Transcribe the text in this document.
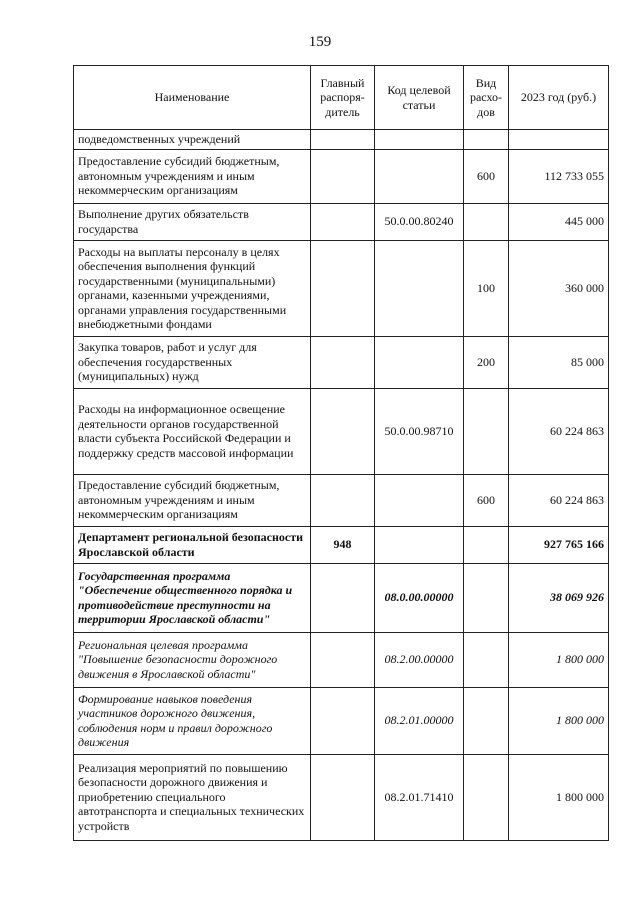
159
Наименование	Главный распоря-дитель	Код целевой статьи	Вид расхо-дов	2023 год (руб.)
подведомственных учреждений				
Предоставление субсидий бюджетным, автономным учреждениям и иным некоммерческим организациям			600	112 733 055
Выполнение других обязательств государства		50.0.00.80240		445 000
Расходы на выплаты персоналу в целях обеспечения выполнения функций государственными (муниципальными) органами, казенными учреждениями, органами управления государственными внебюджетными фондами			100	360 000
Закупка товаров, работ и услуг для обеспечения государственных (муниципальных) нужд			200	85 000
Расходы на информационное освещение деятельности органов государственной власти субъекта Российской Федерации и поддержку средств массовой информации		50.0.00.98710		60 224 863
Предоставление субсидий бюджетным, автономным учреждениям и иным некоммерческим организациям			600	60 224 863
Департамент региональной безопасности Ярославской области	948			927 765 166
Государственная программа "Обеспечение общественного порядка и противодействие преступности на территории Ярославской области"		08.0.00.00000		38 069 926
Региональная целевая программа "Повышение безопасности дорожного движения в Ярославской области"		08.2.00.00000		1 800 000
Формирование навыков поведения участников дорожного движения, соблюдения норм и правил дорожного движения		08.2.01.00000		1 800 000
Реализация мероприятий по повышению безопасности дорожного движения и приобретению специального автотранспорта и специальных технических устройств		08.2.01.71410		1 800 000
